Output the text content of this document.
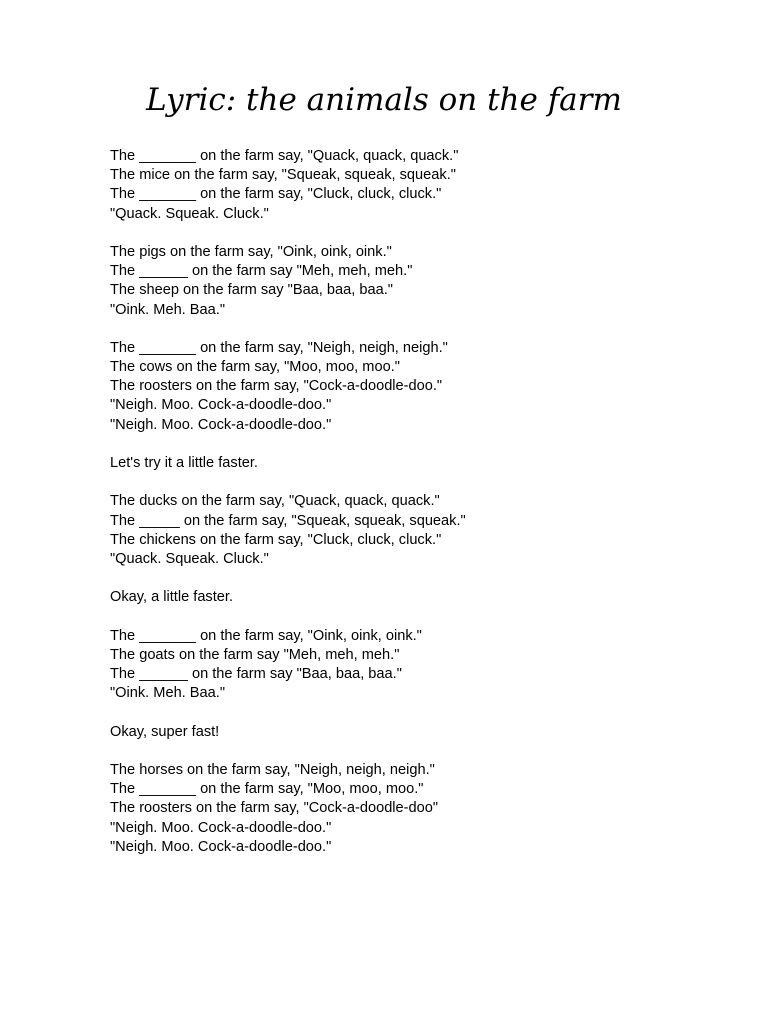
Lyric: the animals on the farm
The _______ on the farm say, "Quack, quack, quack."
The mice on the farm say, "Squeak, squeak, squeak."
The _______ on the farm say, "Cluck, cluck, cluck."
"Quack. Squeak. Cluck."
The pigs on the farm say, "Oink, oink, oink."
The ______ on the farm say "Meh, meh, meh."
The sheep on the farm say "Baa, baa, baa."
"Oink. Meh. Baa."
The _______ on the farm say, "Neigh, neigh, neigh."
The cows on the farm say, "Moo, moo, moo."
The roosters on the farm say, "Cock-a-doodle-doo."
"Neigh. Moo. Cock-a-doodle-doo."
"Neigh. Moo. Cock-a-doodle-doo."
Let's try it a little faster.
The ducks on the farm say, "Quack, quack, quack."
The _____ on the farm say, "Squeak, squeak, squeak."
The chickens on the farm say, "Cluck, cluck, cluck."
"Quack. Squeak. Cluck."
Okay, a little faster.
The _______ on the farm say, "Oink, oink, oink."
The goats on the farm say "Meh, meh, meh."
The ______ on the farm say "Baa, baa, baa."
"Oink. Meh. Baa."
Okay, super fast!
The horses on the farm say, "Neigh, neigh, neigh."
The _______ on the farm say, "Moo, moo, moo."
The roosters on the farm say, "Cock-a-doodle-doo"
"Neigh. Moo. Cock-a-doodle-doo."
"Neigh. Moo. Cock-a-doodle-doo."
